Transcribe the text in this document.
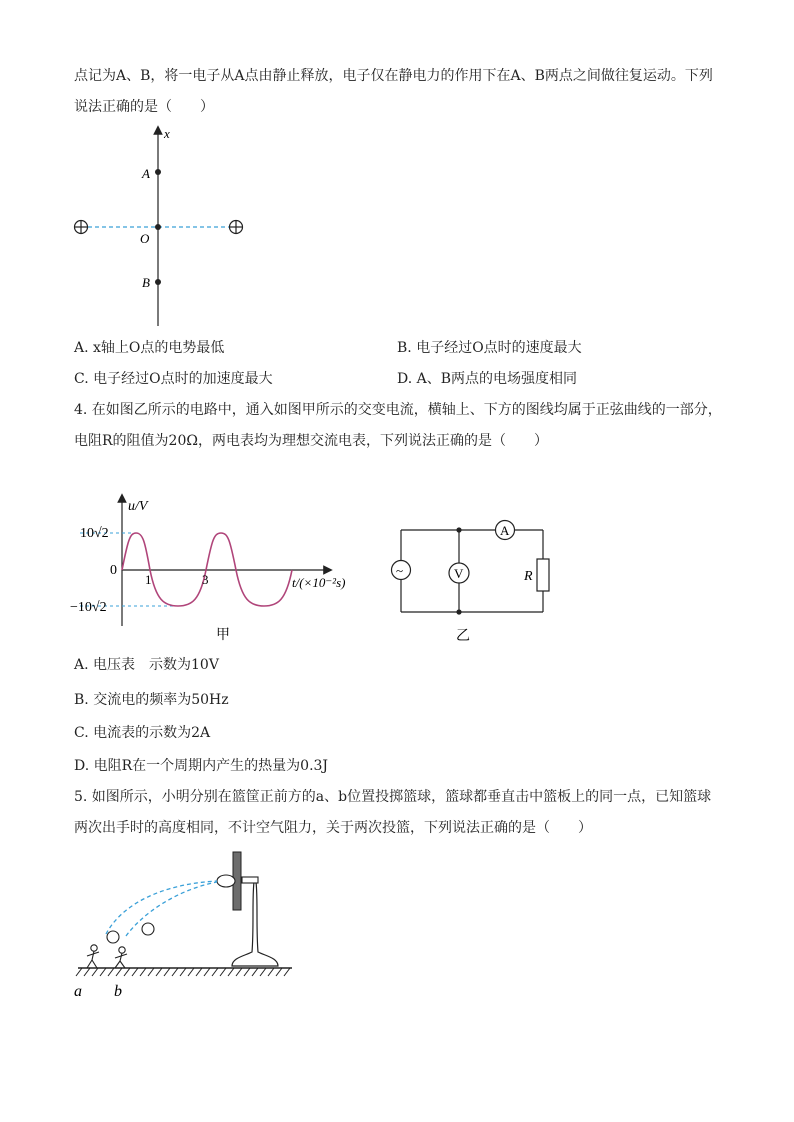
点记为A、B，将一电子从A点由静止释放，电子仅在静电力的作用下在A、B两点之间做往复运动。下列
说法正确的是（　　）
x
A
O
B
A. x轴上O点的电势最低	B. 电子经过O点时的速度最大
C. 电子经过O点时的加速度最大	D. A、B两点的电场强度相同
4. 在如图乙所示的电路中，通入如图甲所示的交变电流，横轴上、下方的图线均属于正弦曲线的一部分，
电阻R的阻值为20Ω，两电表均为理想交流电表，下列说法正确的是（　　）
u/V
10√2
0
−10√2
1	3	t/(×10⁻²s)
甲
~	V
A
R
乙
A. 电压表　示数为10V
B. 交流电的频率为50Hz
C. 电流表的示数为2A
D. 电阻R在一个周期内产生的热量为0.3J
5. 如图所示，小明分别在篮筐正前方的a、b位置投掷篮球，篮球都垂直击中篮板上的同一点，已知篮球
两次出手时的高度相同，不计空气阻力，关于两次投篮，下列说法正确的是（　　）
a b
